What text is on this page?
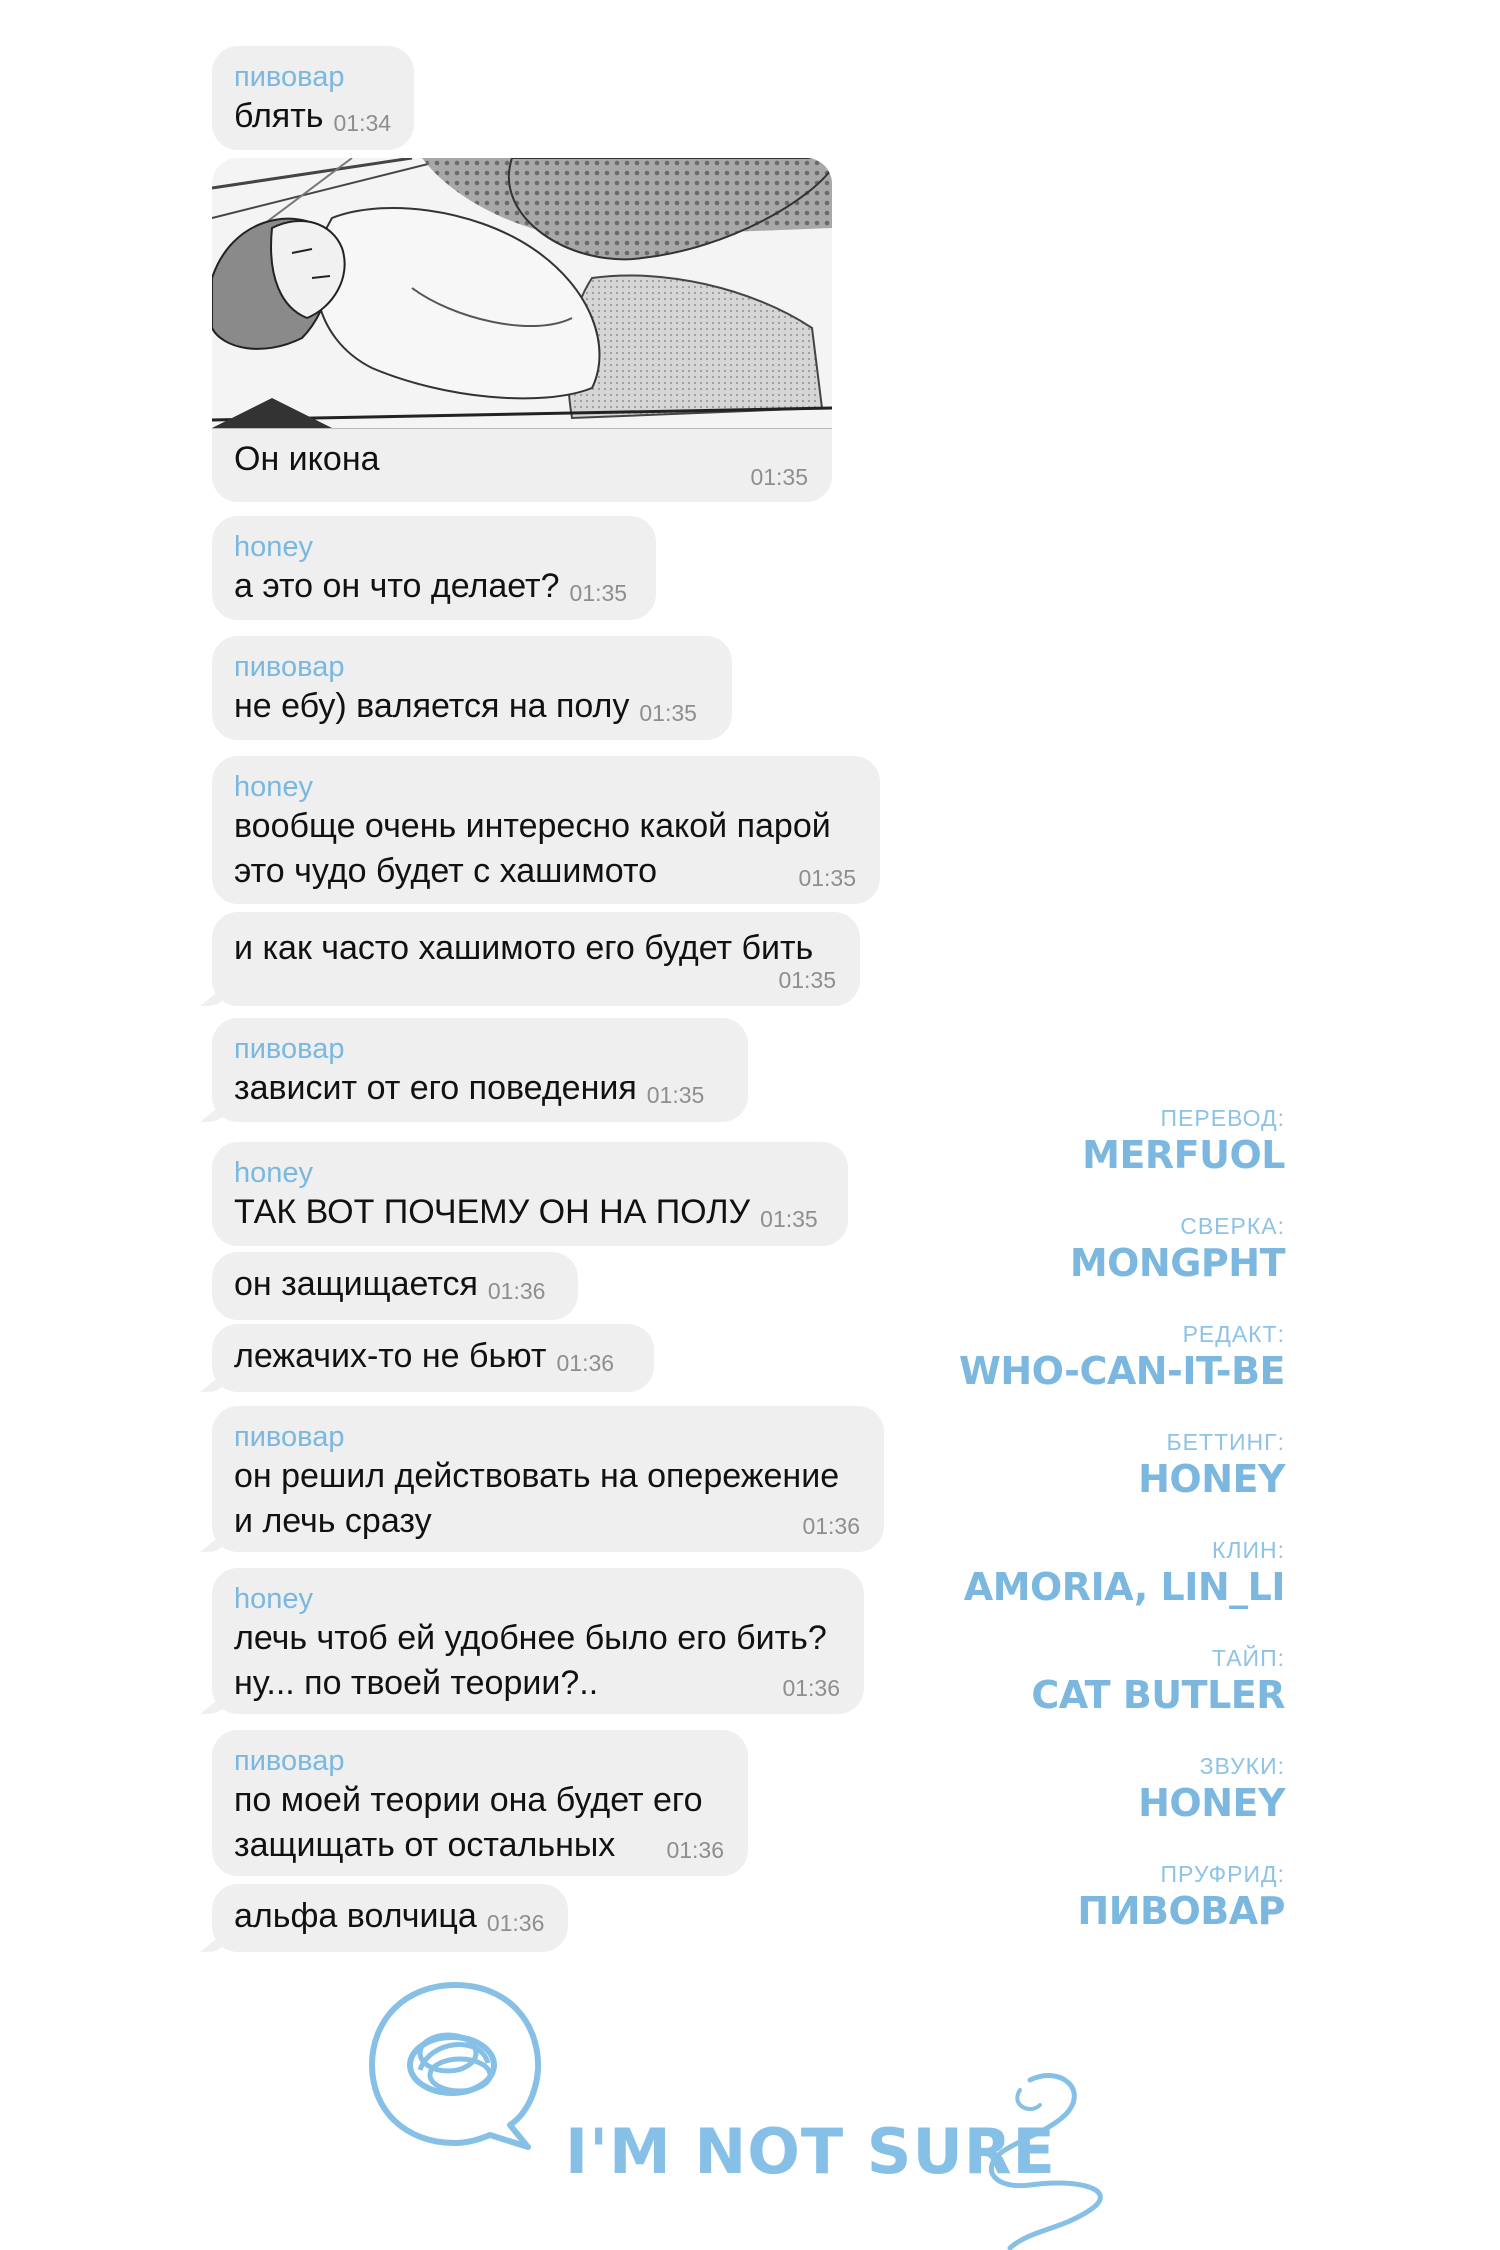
пивовар
блять 01:34
Он икона	01:35
honey
а это он что делает? 01:35
пивовар
не ебу) валяется на полу 01:35
honey
вообще очень интересно какой парой
это чудо будет с хашимото	01:35
и как часто хашимото его будет бить
01:35
пивовар
зависит от его поведения 01:35
honey
ТАК ВОТ ПОЧЕМУ ОН НА ПОЛУ 01:35
он защищается 01:36
лежачих-то не бьют 01:36
пивовар
он решил действовать на опережение
и лечь сразу	01:36
honey
лечь чтоб ей удобнее было его бить?
ну... по твоей теории?..	01:36
пивовар
по моей теории она будет его
защищать от остальных	01:36
альфа волчица 01:36
ПЕРЕВОД:
MERFUOL
СВЕРКА:
MONGPHT
РЕДАКТ:
WHO-CAN-IT-BE
БЕТТИНГ:
HONEY
КЛИН:
AMORIA, LIN_LI
ТАЙП:
CAT BUTLER
ЗВУКИ:
HONEY
ПРУФРИД:
ПИВОВАР
I'M NOT SURE
